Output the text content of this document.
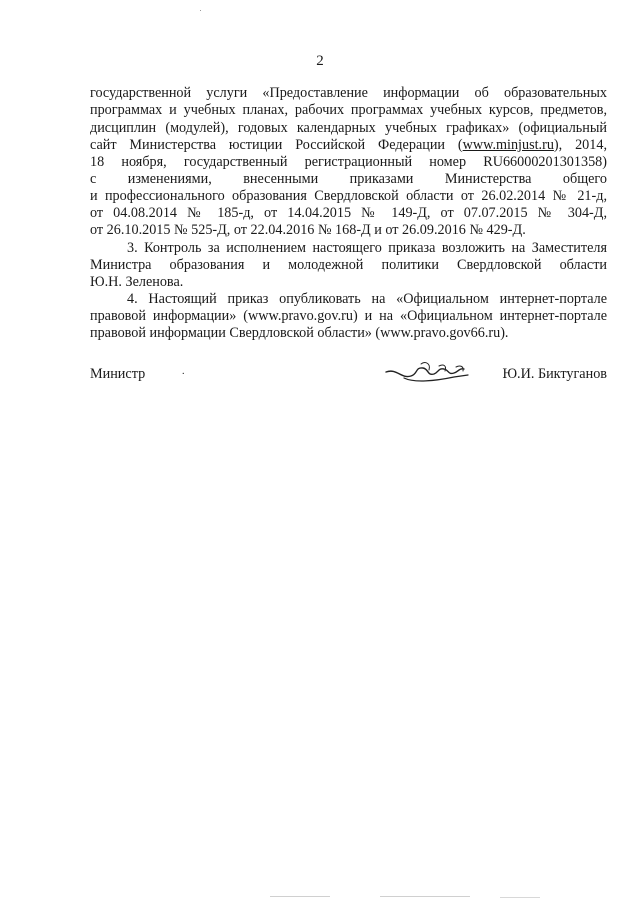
2
государственной услуги «Предоставление информации об образовательных
программах и учебных планах, рабочих программах учебных курсов, предметов,
дисциплин (модулей), годовых календарных учебных графиках» (официальный
сайт Министерства юстиции Российской Федерации (www.minjust.ru), 2014,
18 ноября, государственный регистрационный номер RU66000201301358)
с изменениями, внесенными приказами Министерства общего
и профессионального образования Свердловской области от 26.02.2014 № 21-д,
от 04.08.2014 № 185-д, от 14.04.2015 № 149-Д, от 07.07.2015 № 304-Д,
от 26.10.2015 № 525-Д, от 22.04.2016 № 168-Д и от 26.09.2016 № 429-Д.
3. Контроль за исполнением настоящего приказа возложить на Заместителя
Министра образования и молодежной политики Свердловской области
Ю.Н. Зеленова.
4. Настоящий приказ опубликовать на «Официальном интернет-портале
правовой информации» (www.pravo.gov.ru) и на «Официальном интернет-портале
правовой информации Свердловской области» (www.pravo.gov66.ru).
Министр	.	Ю.И. Биктуганов
